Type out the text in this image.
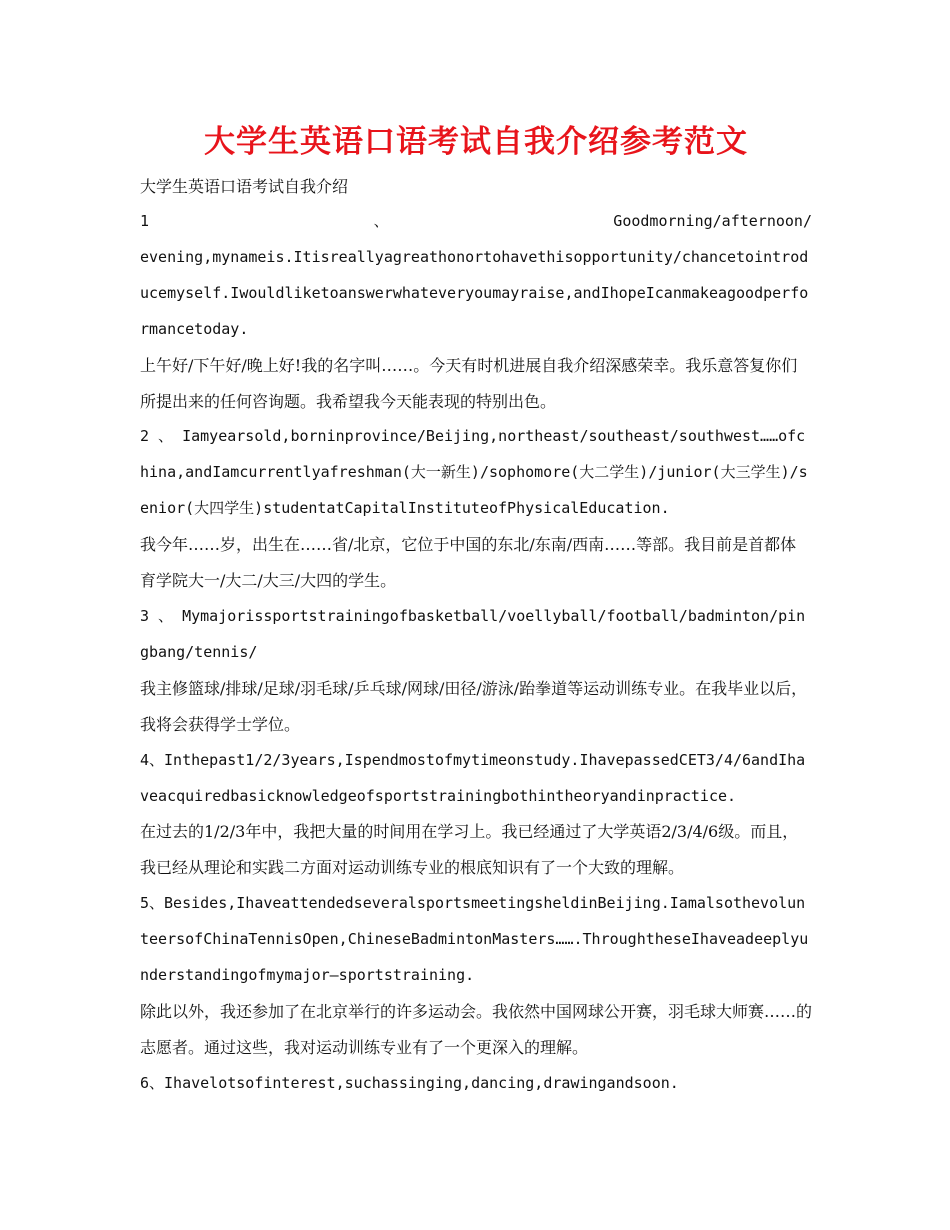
大学生英语口语考试自我介绍参考范文

大学生英语口语考试自我介绍

1	、	Goodmorning/afternoon/

evening,mynameis.Itisreallyagreathonortohavethisopportunity/chancetointroducemyself.Iwouldliketoanswerwhateveryoumayraise,andIhopeIcanmakeagoodperformancetoday.

上午好/下午好/晚上好!我的名字叫……。今天有时机进展自我介绍深感荣幸。我乐意答复你们所提出来的任何咨询题。我希望我今天能表现的特别出色。

2 、 Iamyearsold,borninprovince/Beijing,northeast/southeast/southwest……ofchina,andIamcurrentlyafreshman(大一新生)/sophomore(大二学生)/junior(大三学生)/senior(大四学生)studentatCapitalInstituteofPhysicalEducation.

我今年……岁，出生在……省/北京，它位于中国的东北/东南/西南……等部。我目前是首都体育学院大一/大二/大三/大四的学生。

3 、 Mymajorissportstrainingofbasketball/voellyball/football/badminton/pingbang/tennis/

我主修篮球/排球/足球/羽毛球/乒乓球/网球/田径/游泳/跆拳道等运动训练专业。在我毕业以后，我将会获得学士学位。

4、Inthepast1/2/3years,Ispendmostofmytimeonstudy.IhavepassedCET3/4/6andIhaveacquiredbasicknowledgeofsportstrainingbothintheoryandinpractice.

在过去的1/2/3年中，我把大量的时间用在学习上。我已经通过了大学英语2/3/4/6级。而且，我已经从理论和实践二方面对运动训练专业的根底知识有了一个大致的理解。

5、Besides,IhaveattendedseveralsportsmeetingsheldinBeijing.IamalsothevolunteersofChinaTennisOpen,ChineseBadmintonMasters…….ThroughtheseIhaveadeeplyunderstandingofmymajor—sportstraining.

除此以外，我还参加了在北京举行的许多运动会。我依然中国网球公开赛，羽毛球大师赛……的志愿者。通过这些，我对运动训练专业有了一个更深入的理解。

6、Ihavelotsofinterest,suchassinging,dancing,drawingandsoon.
